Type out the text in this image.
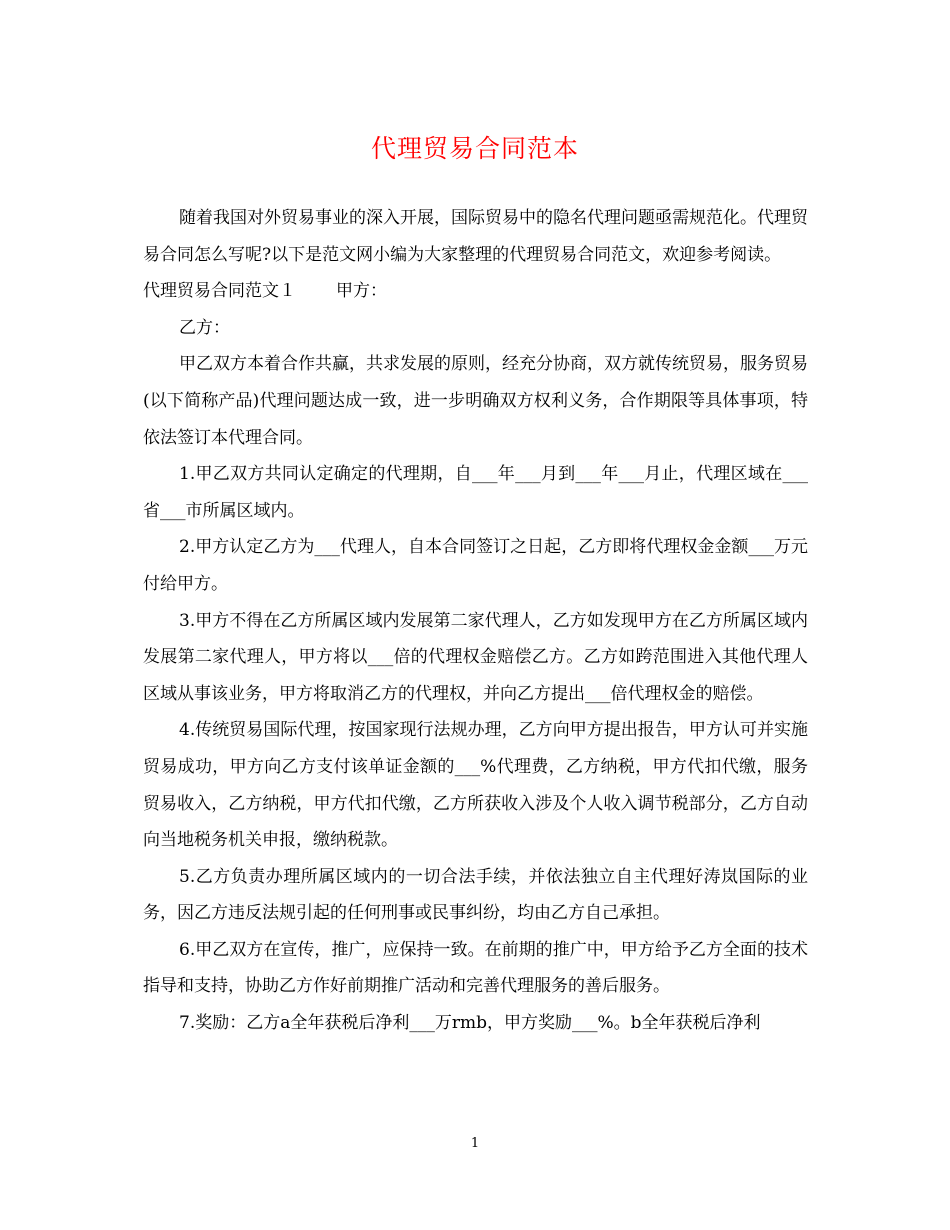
代理贸易合同范本

随着我国对外贸易事业的深入开展，国际贸易中的隐名代理问题亟需规范化。代理贸易合同怎么写呢?以下是范文网小编为大家整理的代理贸易合同范文，欢迎参考阅读。

代理贸易合同范文１ 甲方：

乙方：

甲乙双方本着合作共赢，共求发展的原则，经充分协商，双方就传统贸易，服务贸易(以下简称产品)代理问题达成一致，进一步明确双方权利义务，合作期限等具体事项，特依法签订本代理合同。

1.甲乙双方共同认定确定的代理期，自___年___月到___年___月止，代理区域在___省___市所属区域内。

2.甲方认定乙方为___代理人，自本合同签订之日起，乙方即将代理权金金额___万元付给甲方。

3.甲方不得在乙方所属区域内发展第二家代理人，乙方如发现甲方在乙方所属区域内发展第二家代理人，甲方将以___倍的代理权金赔偿乙方。乙方如跨范围进入其他代理人区域从事该业务，甲方将取消乙方的代理权，并向乙方提出___倍代理权金的赔偿。

4.传统贸易国际代理，按国家现行法规办理，乙方向甲方提出报告，甲方认可并实施贸易成功，甲方向乙方支付该单证金额的___%代理费，乙方纳税，甲方代扣代缴，服务贸易收入，乙方纳税，甲方代扣代缴，乙方所获收入涉及个人收入调节税部分，乙方自动向当地税务机关申报，缴纳税款。

5.乙方负责办理所属区域内的一切合法手续，并依法独立自主代理好涛岚国际的业务，因乙方违反法规引起的任何刑事或民事纠纷，均由乙方自己承担。

6.甲乙双方在宣传，推广，应保持一致。在前期的推广中，甲方给予乙方全面的技术指导和支持，协助乙方作好前期推广活动和完善代理服务的善后服务。

7.奖励：乙方a全年获税后净利___万rmb，甲方奖励___%。b全年获税后净利

1
